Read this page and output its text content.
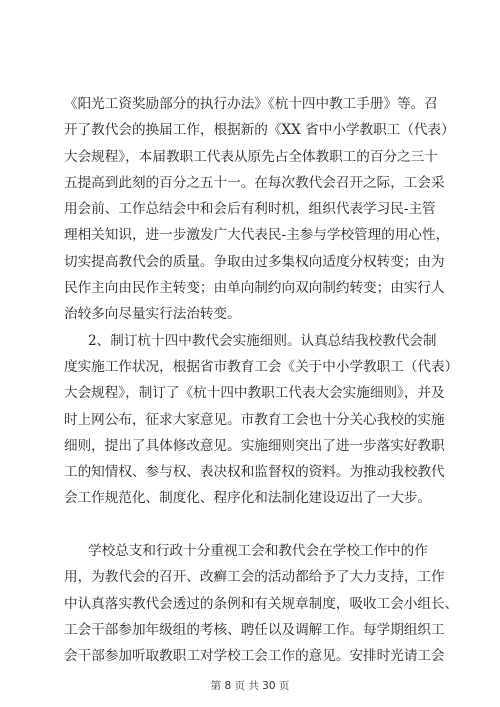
《阳光工资奖励部分的执行办法》《杭十四中教工手册》等。召
开了教代会的换届工作，根据新的《XX 省中小学教职工（代表）
大会规程》，本届教职工代表从原先占全体教职工的百分之三十
五提高到此刻的百分之五十一。在每次教代会召开之际，工会采
用会前、工作总结会中和会后有利时机，组织代表学习民-主管
理相关知识，进一步激发广大代表民-主参与学校管理的用心性，
切实提高教代会的质量。争取由过多集权向适度分权转变；由为
民作主向由民作主转变；由单向制约向双向制约转变；由实行人
治较多向尽量实行法治转变。
2、制订杭十四中教代会实施细则。认真总结我校教代会制
度实施工作状况，根据省市教育工会《关于中小学教职工（代表）
大会规程》，制订了《杭十四中教职工代表大会实施细则》，并及
时上网公布，征求大家意见。市教育工会也十分关心我校的实施
细则，提出了具体修改意见。实施细则突出了进一步落实好教职
工的知情权、参与权、表决权和监督权的资料。为推动我校教代
会工作规范化、制度化、程序化和法制化建设迈出了一大步。
学校总支和行政十分重视工会和教代会在学校工作中的作
用，为教代会的召开、改癣工会的活动都给予了大力支持，工作
中认真落实教代会透过的条例和有关规章制度，吸收工会小组长、
工会干部参加年级组的考核、聘任以及调解工作。每学期组织工
会干部参加听取教职工对学校工会工作的意见。安排时光请工会
第 8 页 共 30 页
